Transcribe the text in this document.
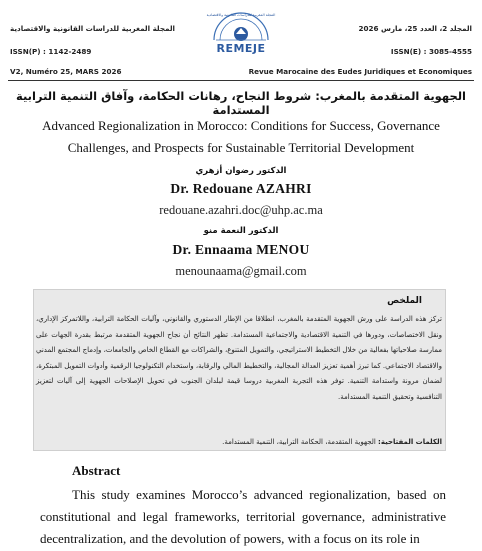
المجلة المغربية للدراسات القانونية والاقتصادية	المجلد 2، العدد 25، مارس 2026
المجلة المغربية للدراسات القانونية والاقتصادية
REMEJE
ISSN(P) : 1142-2489	ISSN(E) : 3085-4555
V2, Numéro 25, MARS 2026	Revue Marocaine des Eudes Juridiques et Economiques
الجهوية المتقدمة بالمغرب: شروط النجاح، رهانات الحكامة، وآفاق التنمية الترابية المستدامة
Advanced Regionalization in Morocco: Conditions for Success, Governance Challenges, and Prospects for Sustainable Territorial Development
الدكتور رضوان أزهري
Dr. Redouane AZAHRI
redouane.azahri.doc@uhp.ac.ma
الدكتور النعمة منو
Dr. Ennaama MENOU
menounaama@gmail.com
الملخص
تركز هذه الدراسة على ورش الجهوية المتقدمة بالمغرب، انطلاقا من الإطار الدستوري والقانوني، وآليات الحكامة الترابية، واللاتمركز الإداري، ونقل الاختصاصات، ودورها في التنمية الاقتصادية والاجتماعية المستدامة. تظهر النتائج أن نجاح الجهوية المتقدمة مرتبط بقدرة الجهات على ممارسة صلاحياتها بفعالية من خلال التخطيط الاستراتيجي، والتمويل المتنوع، والشراكات مع القطاع الخاص والجامعات، وإدماج المجتمع المدني والاقتصاد الاجتماعي. كما تبرز أهمية تعزيز العدالة المجالية، والتخطيط المالي والرقابة، واستخدام التكنولوجيا الرقمية وأدوات التمويل المبتكرة، لضمان مرونة واستدامة التنمية. توفر هذه التجربة المغربية دروسا قيمة لبلدان الجنوب في تحويل الإصلاحات الجهوية إلى آليات لتعزيز التنافسية وتحقيق التنمية المستدامة.
الكلمات المفتاحية: الجهوية المتقدمة، الحكامة الترابية، التنمية المستدامة.
Abstract
This study examines Morocco’s advanced regionalization, based on constitutional and legal frameworks, territorial governance, administrative decentralization, and the devolution of powers, with a focus on its role in
